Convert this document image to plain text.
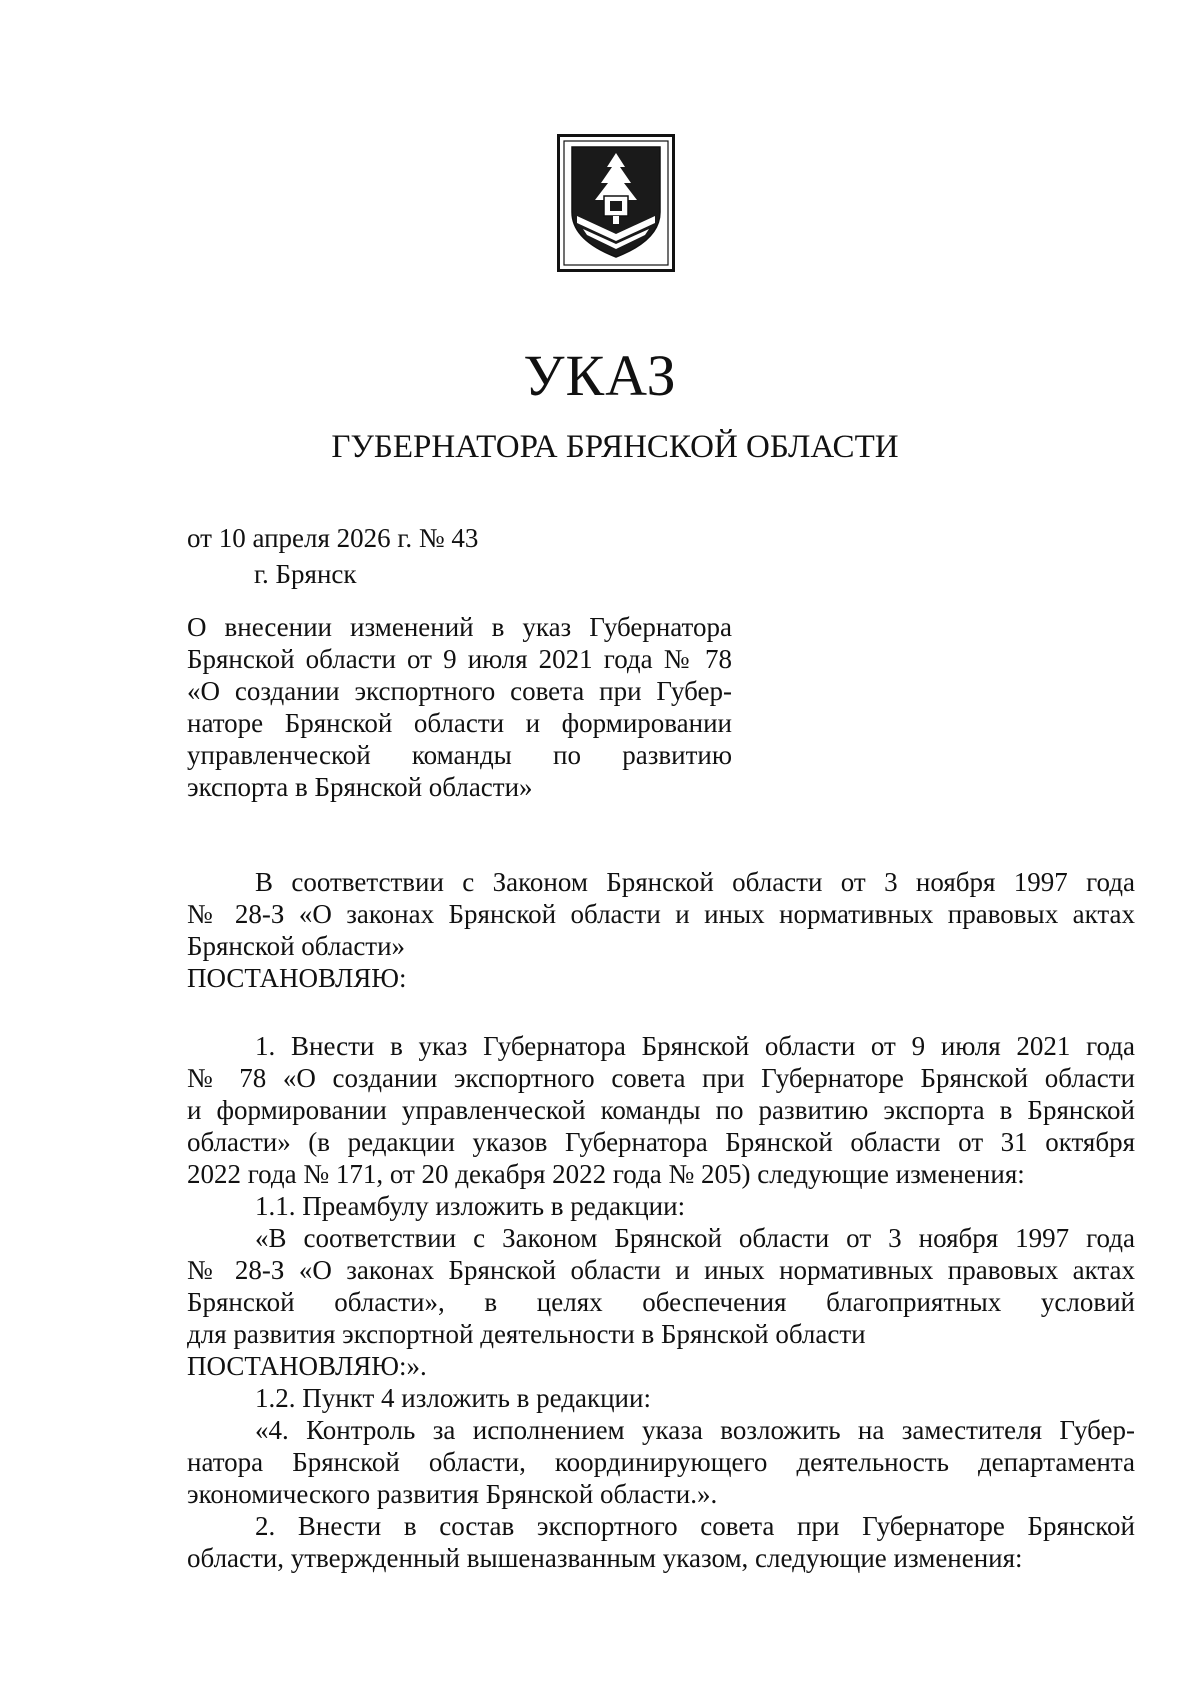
УКАЗ
ГУБЕРНАТОРА БРЯНСКОЙ ОБЛАСТИ
от 10 апреля 2026 г. № 43
г. Брянск
О внесении изменений в указ Губернатора
Брянской области от 9 июля 2021 года № 78
«О создании экспортного совета при Губер-
наторе Брянской области и формировании
управленческой команды по развитию
экспорта в Брянской области»
В соответствии с Законом Брянской области от 3 ноября 1997 года
№ 28-З «О законах Брянской области и иных нормативных правовых актах
Брянской области»
ПОСТАНОВЛЯЮ:
1. Внести в указ Губернатора Брянской области от 9 июля 2021 года
№ 78 «О создании экспортного совета при Губернаторе Брянской области
и формировании управленческой команды по развитию экспорта в Брянской
области» (в редакции указов Губернатора Брянской области от 31 октября
2022 года № 171, от 20 декабря 2022 года № 205) следующие изменения:
1.1. Преамбулу изложить в редакции:
«В соответствии с Законом Брянской области от 3 ноября 1997 года
№ 28-З «О законах Брянской области и иных нормативных правовых актах
Брянской области», в целях обеспечения благоприятных условий
для развития экспортной деятельности в Брянской области
ПОСТАНОВЛЯЮ:».
1.2. Пункт 4 изложить в редакции:
«4. Контроль за исполнением указа возложить на заместителя Губер-
натора Брянской области, координирующего деятельность департамента
экономического развития Брянской области.».
2. Внести в состав экспортного совета при Губернаторе Брянской
области, утвержденный вышеназванным указом, следующие изменения:
